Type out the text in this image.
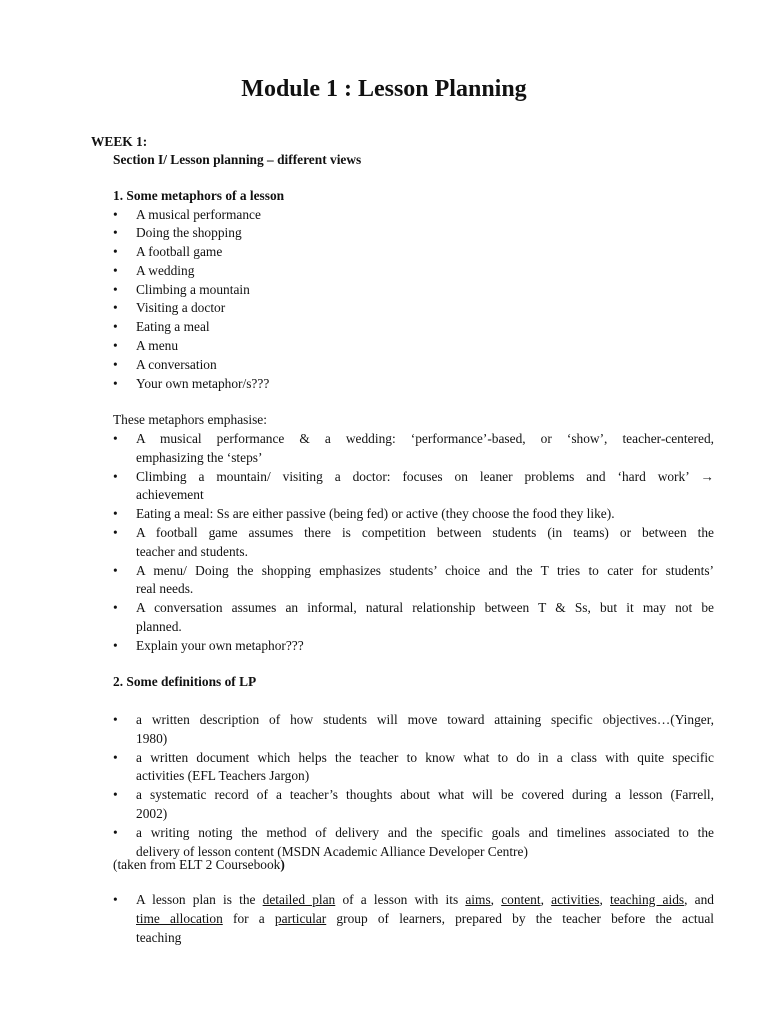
Module 1 : Lesson Planning
WEEK 1:
Section I/ Lesson planning – different views
1. Some metaphors of a lesson
• A musical performance
• Doing the shopping
• A football game
• A wedding
• Climbing a mountain
• Visiting a doctor
• Eating a meal
• A menu
• A conversation
• Your own metaphor/s???
These metaphors emphasise:
• A musical performance & a wedding: ‘performance’-based, or ‘show’, teacher-centered,
emphasizing the ‘steps’
• Climbing a mountain/ visiting a doctor: focuses on leaner problems and ‘hard work’ →
achievement
• Eating a meal: Ss are either passive (being fed) or active (they choose the food they like).
• A football game assumes there is competition between students (in teams) or between the
teacher and students.
• A menu/ Doing the shopping emphasizes students’ choice and the T tries to cater for students’
real needs.
• A conversation assumes an informal, natural relationship between T & Ss, but it may not be
planned.
• Explain your own metaphor???
2. Some definitions of LP
• a written description of how students will move toward attaining specific objectives…(Yinger,
1980)
• a written document which helps the teacher to know what to do in a class with quite specific
activities (EFL Teachers Jargon)
• a systematic record of a teacher’s thoughts about what will be covered during a lesson (Farrell,
2002)
• a writing noting the method of delivery and the specific goals and timelines associated to the
delivery of lesson content (MSDN Academic Alliance Developer Centre)
(taken from ELT 2 Coursebook)
• A lesson plan is the detailed plan of a lesson with its aims, content, activities, teaching aids, and
time allocation for a particular group of learners, prepared by the teacher before the actual
teaching
